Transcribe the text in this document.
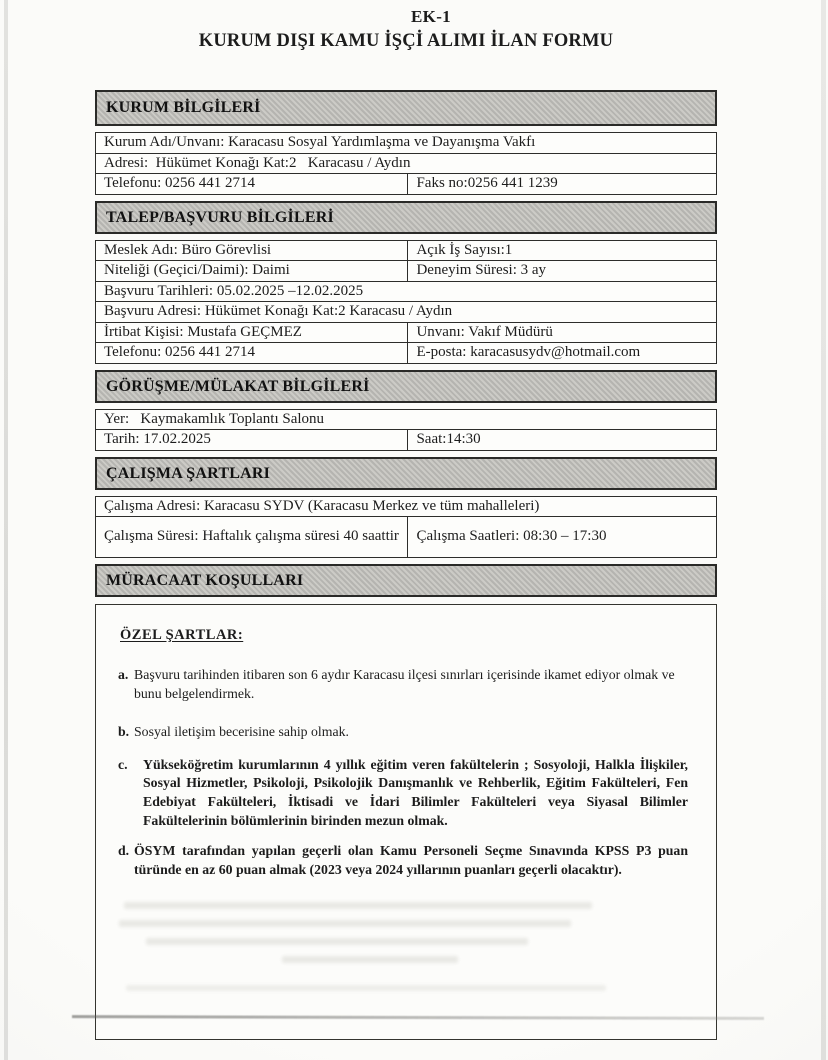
EK-1
KURUM DIŞI KAMU İŞÇİ ALIMI İLAN FORMU
KURUM BİLGİLERİ
Kurum Adı/Unvanı: Karacasu Sosyal Yardımlaşma ve Dayanışma Vakfı
Adresi:  Hükümet Konağı Kat:2   Karacasu / Aydın
Telefonu: 0256 441 2714	Faks no:0256 441 1239
TALEP/BAŞVURU BİLGİLERİ
Meslek Adı: Büro Görevlisi	Açık İş Sayısı:1
Niteliği (Geçici/Daimi): Daimi	Deneyim Süresi: 3 ay
Başvuru Tarihleri: 05.02.2025 –12.02.2025
Başvuru Adresi: Hükümet Konağı Kat:2 Karacasu / Aydın
İrtibat Kişisi: Mustafa GEÇMEZ	Unvanı: Vakıf Müdürü
Telefonu: 0256 441 2714	E-posta: karacasusydv@hotmail.com
GÖRÜŞME/MÜLAKAT BİLGİLERİ
Yer:   Kaymakamlık Toplantı Salonu
Tarih: 17.02.2025	Saat:14:30
ÇALIŞMA ŞARTLARI
Çalışma Adresi: Karacasu SYDV (Karacasu Merkez ve tüm mahalleleri)
Çalışma Süresi: Haftalık çalışma süresi 40 saattir	Çalışma Saatleri: 08:30 – 17:30
MÜRACAAT KOŞULLARI
ÖZEL ŞARTLAR:
a. Başvuru tarihinden itibaren son 6 aydır Karacasu ilçesi sınırları içerisinde ikamet ediyor olmak ve bunu belgelendirmek.
b. Sosyal iletişim becerisine sahip olmak.
c.	Yükseköğretim kurumlarının 4 yıllık eğitim veren fakültelerin ; Sosyoloji, Halkla İlişkiler, Sosyal Hizmetler, Psikoloji, Psikolojik Danışmanlık ve Rehberlik, Eğitim Fakülteleri, Fen Edebiyat Fakülteleri, İktisadi ve İdari Bilimler Fakülteleri veya Siyasal Bilimler Fakültelerinin bölümlerinin birinden mezun olmak.
d. ÖSYM tarafından yapılan geçerli olan Kamu Personeli Seçme Sınavında KPSS P3 puan türünde en az 60 puan almak (2023 veya 2024 yıllarının puanları geçerli olacaktır).
